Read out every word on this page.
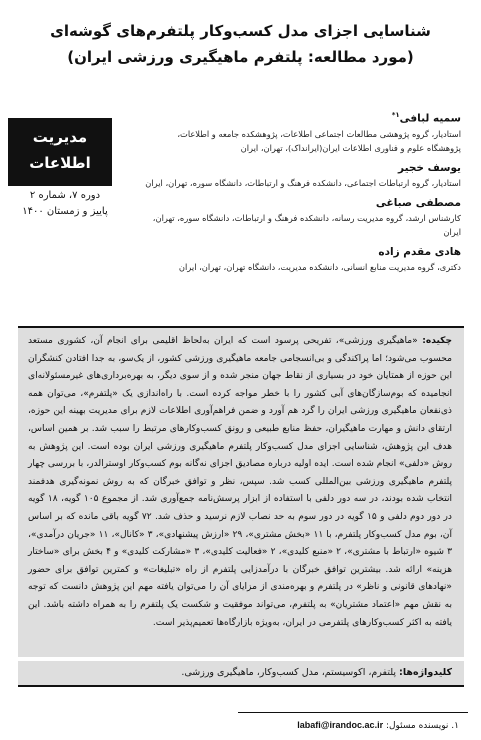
شناسایی اجزای مدل کسب‌وکار پلتفرم‌های گوشه‌ای
(مورد مطالعه: پلتفرم ماهیگیری ورزشی ایران)
مدیریت
اطلاعات
دوره ۷، شماره ۲
پاییز و زمستان ۱۴۰۰
سمیه لبافی$^{۱*}$
استادیار، گروه پژوهشی مطالعات اجتماعی اطلاعات، پژوهشکده جامعه و اطلاعات،
پژوهشگاه علوم و فناوری اطلاعات ایران(ایرانداک)، تهران، ایران
یوسف خجیر
استادیار، گروه ارتباطات اجتماعی، دانشکده فرهنگ و ارتباطات، دانشگاه سوره، تهران، ایران
مصطفی صباغی
کارشناس ارشد، گروه مدیریت رسانه، دانشکده فرهنگ و ارتباطات، دانشگاه سوره، تهران، ایران
هادی مقدم زاده
دکتری، گروه مدیریت منابع انسانی، دانشکده مدیریت، دانشگاه تهران، تهران، ایران
چکیده: «ماهیگیری ورزشی»، تفریحی پرسود است که ایران به‌لحاظ اقلیمی برای انجام آن، کشوری مستعد محسوب می‌شود؛ اما پراکندگی و بی‌انسجامی جامعه ماهیگیری ورزشی کشور، از یک‌سو، به جدا افتادن کنشگران این حوزه از همتایان خود در بسیاری از نقاط جهان منجر شده و از سوی دیگر، به بهره‌برداری‌های غیرمسئولانه‌ای انجامیده که بوم‌سازگان‌های آبی کشور را با خطر مواجه کرده است. با راه‌اندازی یک «پلتفرم»، می‌توان همه ذی‌نفعان ماهیگیری ورزشی ایران را گرد هم آورد و ضمن فراهم‌آوری اطلاعات لازم برای مدیریت بهینه این حوزه، ارتقای دانش و مهارت ماهیگیران، حفظ منابع طبیعی و رونق کسب‌وکارهای مرتبط را سبب شد. بر همین اساس، هدف این پژوهش، شناسایی اجزای مدل کسب‌وکار پلتفرم ماهیگیری ورزشی ایران بوده است. این پژوهش به روش «دلفی» انجام شده است. ایده اولیه درباره مصادیق اجزای نه‌گانه بوم کسب‌وکار اوسترالدر، با بررسی چهار پلتفرم ماهیگیری ورزشی بین‌المللی کسب شد. سپس، نظر و توافق خبرگان که به روش نمونه‌گیری هدفمند انتخاب شده بودند، در سه دور دلفی با استفاده از ابزار پرسش‌نامه جمع‌آوری شد. از مجموع ۱۰۵ گویه، ۱۸ گویه در دور دوم دلفی و ۱۵ گویه در دور سوم به حد نصاب لازم نرسید و حذف شد. ۷۲ گویه باقی مانده که بر اساس آن، بوم مدل کسب‌وکار پلتفرم، با ۱۱ «بخش مشتری»، ۲۹ «ارزش پیشنهادی»، ۳ «کانال»، ۱۱ «جریان درآمدی»، ۳ شیوه «ارتباط با مشتری»، ۲ «منبع کلیدی»، ۲ «فعالیت کلیدی»، ۳ «مشارکت کلیدی» و ۴ بخش برای «ساختار هزینه» ارائه شد. بیشترین توافق خبرگان با درآمدزایی پلتفرم از راه «تبلیغات» و کمترین توافق برای حضور «نهادهای قانونی و ناظر» در پلتفرم و بهره‌مندی از مزایای آن را می‌توان یافته مهم این پژوهش دانست که توجه به نقش مهم «اعتماد مشتریان» به پلتفرم، می‌تواند موفقیت و شکست یک پلتفرم را به همراه داشته باشد. این یافته به اکثر کسب‌وکارهای پلتفرمی در ایران، به‌ویژه بازارگاه‌ها تعمیم‌پذیر است.
کلیدواژه‌ها: پلتفرم، اکوسیستم، مدل کسب‌وکار، ماهیگیری ورزشی.
۱. نویسنده مسئول: labafi@irandoc.ac.ir
